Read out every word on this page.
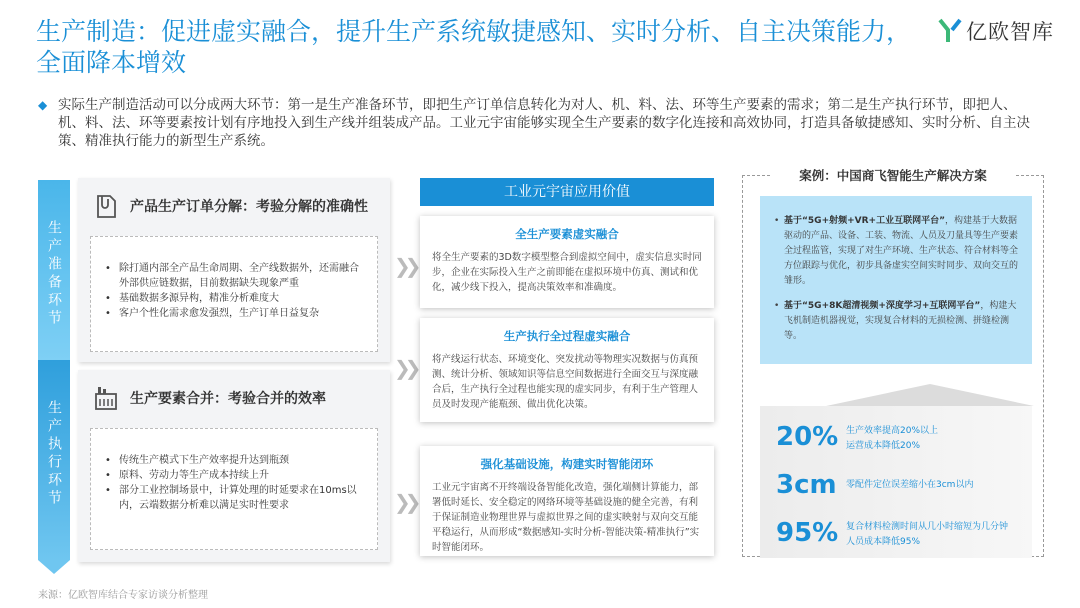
生产制造：促进虚实融合，提升生产系统敏捷感知、实时分析、自主决策能力，全面降本增效
亿欧智库
◆ 实际生产制造活动可以分成两大环节：第一是生产准备环节，即把生产订单信息转化为对人、机、料、法、环等生产要素的需求；第二是生产执行环节，即把人、机、料、法、环等要素按计划有序地投入到生产线并组装成产品。工业元宇宙能够实现全生产要素的数字化连接和高效协同，打造具备敏捷感知、实时分析、自主决策、精准执行能力的新型生产系统。
生产准备环节
生产执行环节
产品生产订单分解：考验分解的准确性
• 除打通内部全产品生命周期、全产线数据外，还需融合外部供应链数据，目前数据缺失现象严重
• 基础数据多源异构，精准分析难度大
• 客户个性化需求愈发强烈，生产订单日益复杂
生产要素合并：考验合并的效率
• 传统生产模式下生产效率提升达到瓶颈
• 原料、劳动力等生产成本持续上升
• 部分工业控制场景中，计算处理的时延要求在10ms以内，云端数据分析难以满足实时性要求
❯❯
❯❯
❯❯
工业元宇宙应用价值
全生产要素虚实融合
将全生产要素的3D数字模型整合到虚拟空间中，虚实信息实时同步，企业在实际投入生产之前即能在虚拟环境中仿真、测试和优化，减少线下投入，提高决策效率和准确度。
生产执行全过程虚实融合
将产线运行状态、环境变化、突发扰动等物理实况数据与仿真预测、统计分析、领域知识等信息空间数据进行全面交互与深度融合后，生产执行全过程也能实现的虚实同步，有利于生产管理人员及时发现产能瓶颈、做出优化决策。
强化基础设施，构建实时智能闭环
工业元宇宙离不开终端设备智能化改造，强化端侧计算能力，部署低时延长、安全稳定的网络环境等基础设施的健全完善，有利于保证制造业物理世界与虚拟世界之间的虚实映射与双向交互能平稳运行，从而形成“数据感知-实时分析-智能决策-精准执行”实时智能闭环。
案例：中国商飞智能生产解决方案
• 基于“5G+射频+VR+工业互联网平台”，构建基于大数据驱动的产品、设备、工装、物流、人员及刀量具等生产要素全过程监管，实现了对生产环境、生产状态、符合材料等全方位跟踪与优化，初步具备虚实空间实时同步、双向交互的雏形。
• 基于“5G+8K超清视频+深度学习+互联网平台”，构建大飞机制造机器视觉，实现复合材料的无损检测、拼缝检测等。
20% 生产效率提高20%以上
运营成本降低20%
3cm 零配件定位误差缩小在3cm以内
95% 复合材料检测时间从几小时缩短为几分钟
人员成本降低95%
来源：亿欧智库结合专家访谈分析整理
